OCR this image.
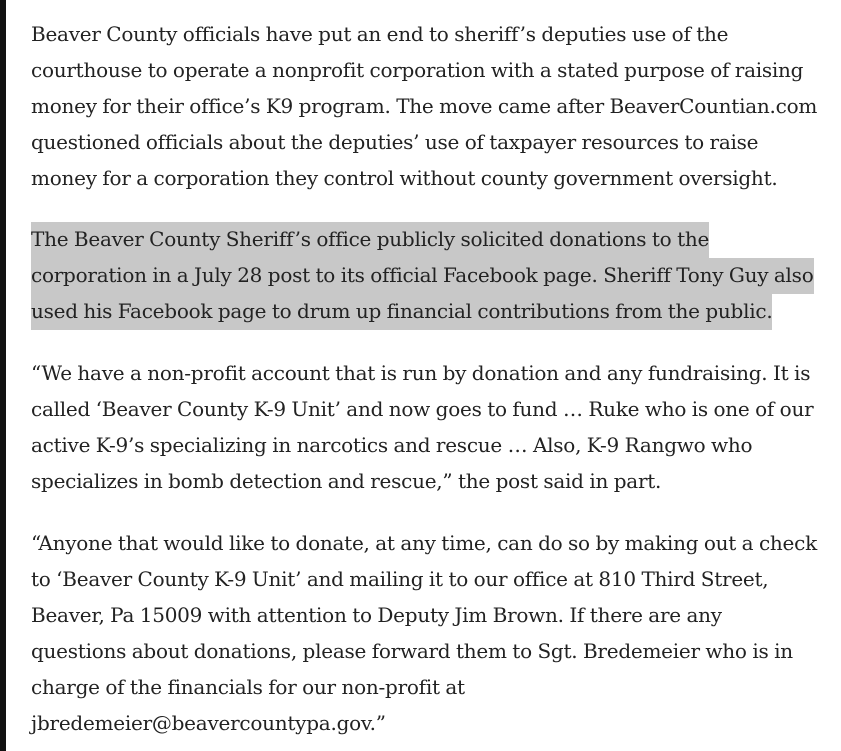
Beaver County officials have put an end to sheriff’s deputies use of the
courthouse to operate a nonprofit corporation with a stated purpose of raising
money for their office’s K9 program. The move came after BeaverCountian.com
questioned officials about the deputies’ use of taxpayer resources to raise
money for a corporation they control without county government oversight.

The Beaver County Sheriff’s office publicly solicited donations to the
corporation in a July 28 post to its official Facebook page. Sheriff Tony Guy also
used his Facebook page to drum up financial contributions from the public.

“We have a non-profit account that is run by donation and any fundraising. It is
called ‘Beaver County K-9 Unit’ and now goes to fund … Ruke who is one of our
active K-9’s specializing in narcotics and rescue … Also, K-9 Rangwo who
specializes in bomb detection and rescue,” the post said in part.

“Anyone that would like to donate, at any time, can do so by making out a check
to ‘Beaver County K-9 Unit’ and mailing it to our office at 810 Third Street,
Beaver, Pa 15009 with attention to Deputy Jim Brown. If there are any
questions about donations, please forward them to Sgt. Bredemeier who is in
charge of the financials for our non-profit at
jbredemeier@beavercountypa.gov.”
